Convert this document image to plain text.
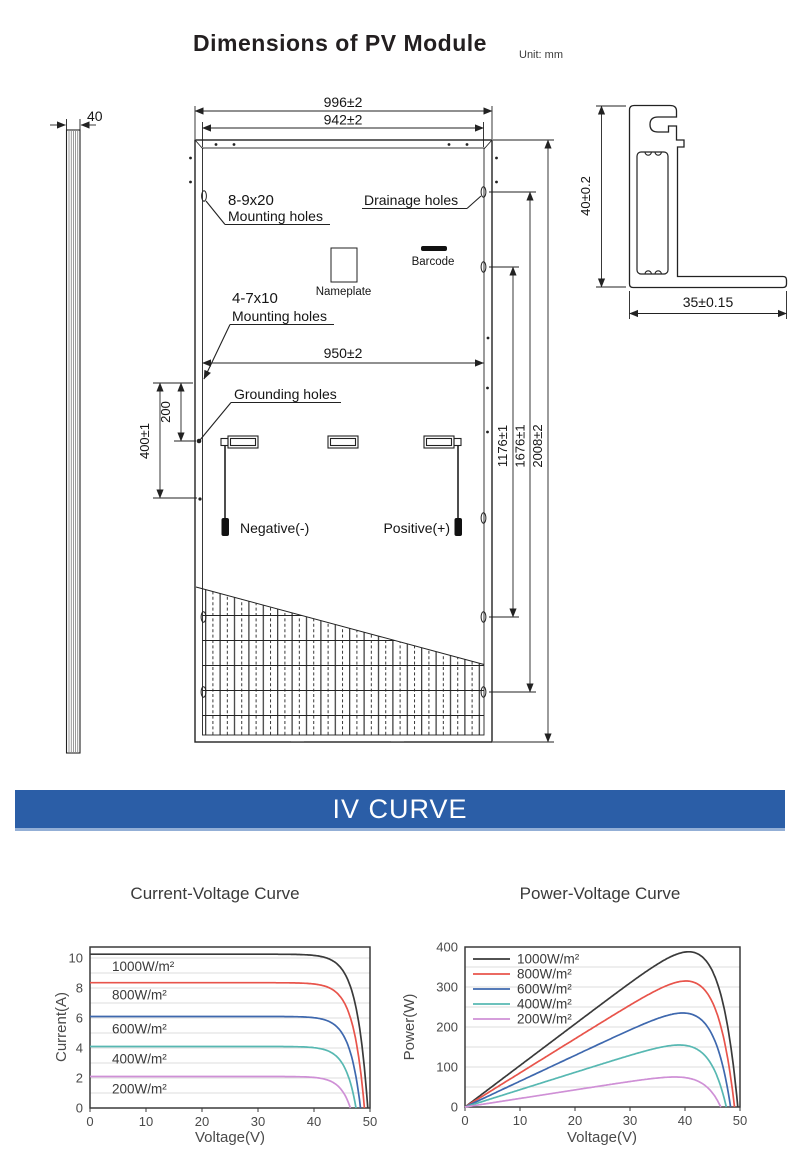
Dimensions of PV Module	Unit: mm
40
Nameplate
Barcode
Negative(-)	Positive(+)
8-9x20
Mounting holes
Drainage holes
4-7x10
Mounting holes
Grounding holes
996±2
942±2
950±2
400±1
200
1176±1 1676±1 2008±2
40±0.2
35±0.15
IV CURVE
Current-Voltage Curve	Power-Voltage Curve
Current(A)
Voltage(V)
0	10	20	30	40	50
0
2
4
6
8
10
1000W/m²
800W/m²
600W/m²
400W/m²
200W/m²
Power(W)
Voltage(V)
0	10	20	30	40	50
0
100
200
300
400
1000W/m²
800W/m²
600W/m²
400W/m²
200W/m²
